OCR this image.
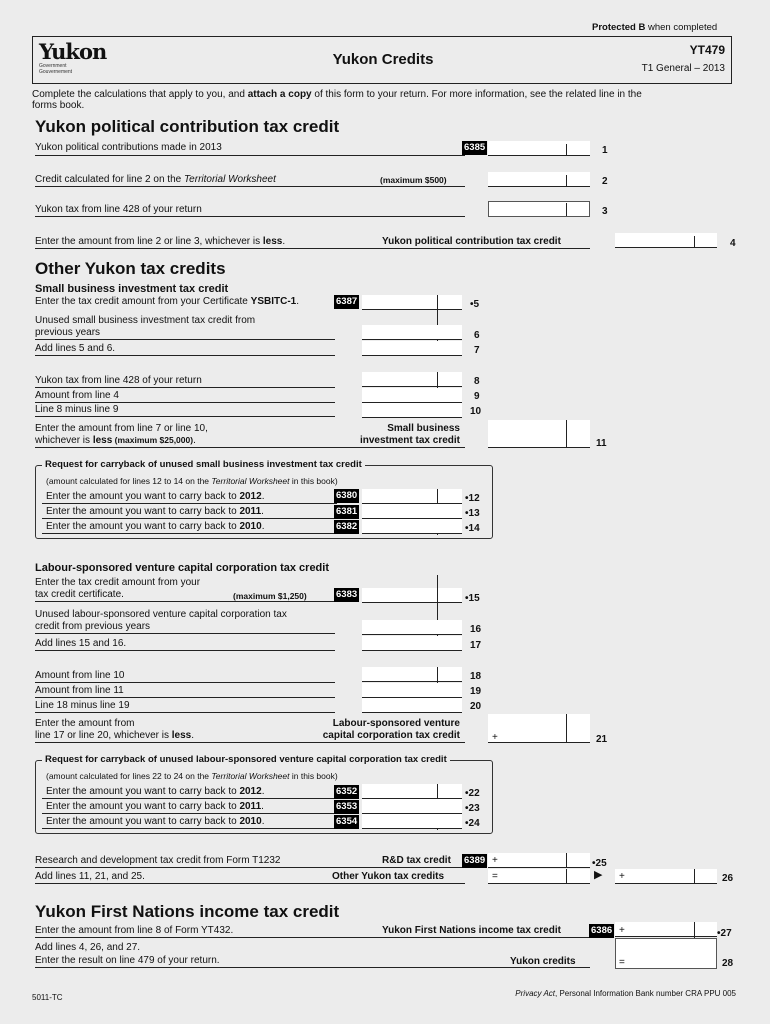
Protected B when completed
Yukon
Government
Gouvernement
Yukon Credits
YT479
T1 General – 2013
Complete the calculations that apply to you, and attach a copy of this form to your return. For more information, see the related line in the
forms book.
Yukon political contribution tax credit
Yukon political contributions made in 2013	6385	1
Credit calculated for line 2 on the Territorial Worksheet	(maximum $500)	2
Yukon tax from line 428 of your return	3
Enter the amount from line 2 or line 3, whichever is less.	Yukon political contribution tax credit	4
Other Yukon tax credits
Small business investment tax credit
Enter the tax credit amount from your Certificate YSBITC-1.	6387	•5
Unused small business investment tax credit from
previous years	6
Add lines 5 and 6.	7
Yukon tax from line 428 of your return	8
Amount from line 4	9
Line 8 minus line 9	10
Enter the amount from line 7 or line 10,
whichever is less (maximum $25,000).
Small business
investment tax credit	11
Request for carryback of unused small business investment tax credit
(amount calculated for lines 12 to 14 on the Territorial Worksheet in this book)
Enter the amount you want to carry back to 2012.	6380	•12
Enter the amount you want to carry back to 2011.	6381	•13
Enter the amount you want to carry back to 2010.	6382	•14
Labour-sponsored venture capital corporation tax credit
Enter the tax credit amount from your
tax credit certificate.	(maximum $1,250)	6383	•15
Unused labour-sponsored venture capital corporation tax
credit from previous years	16
Add lines 15 and 16.	17
Amount from line 10	18
Amount from line 11	19
Line 18 minus line 19	20
Enter the amount from
line 17 or line 20, whichever is less.
Labour-sponsored venture
capital corporation tax credit	+	21
Request for carryback of unused labour-sponsored venture capital corporation tax credit
(amount calculated for lines 22 to 24 on the Territorial Worksheet in this book)
Enter the amount you want to carry back to 2012.	6352	•22
Enter the amount you want to carry back to 2011.	6353	•23
Enter the amount you want to carry back to 2010.	6354	•24
Research and development tax credit from Form T1232	R&D tax credit 6389 +	•25
Add lines 11, 21, and 25.	Other Yukon tax credits	=	▶ +	26
Yukon First Nations income tax credit
Enter the amount from line 8 of Form YT432.	Yukon First Nations income tax credit	6386 +	•27
Add lines 4, 26, and 27.
Enter the result on line 479 of your return.	Yukon credits	=	28
5011-TC	Privacy Act, Personal Information Bank number CRA PPU 005
